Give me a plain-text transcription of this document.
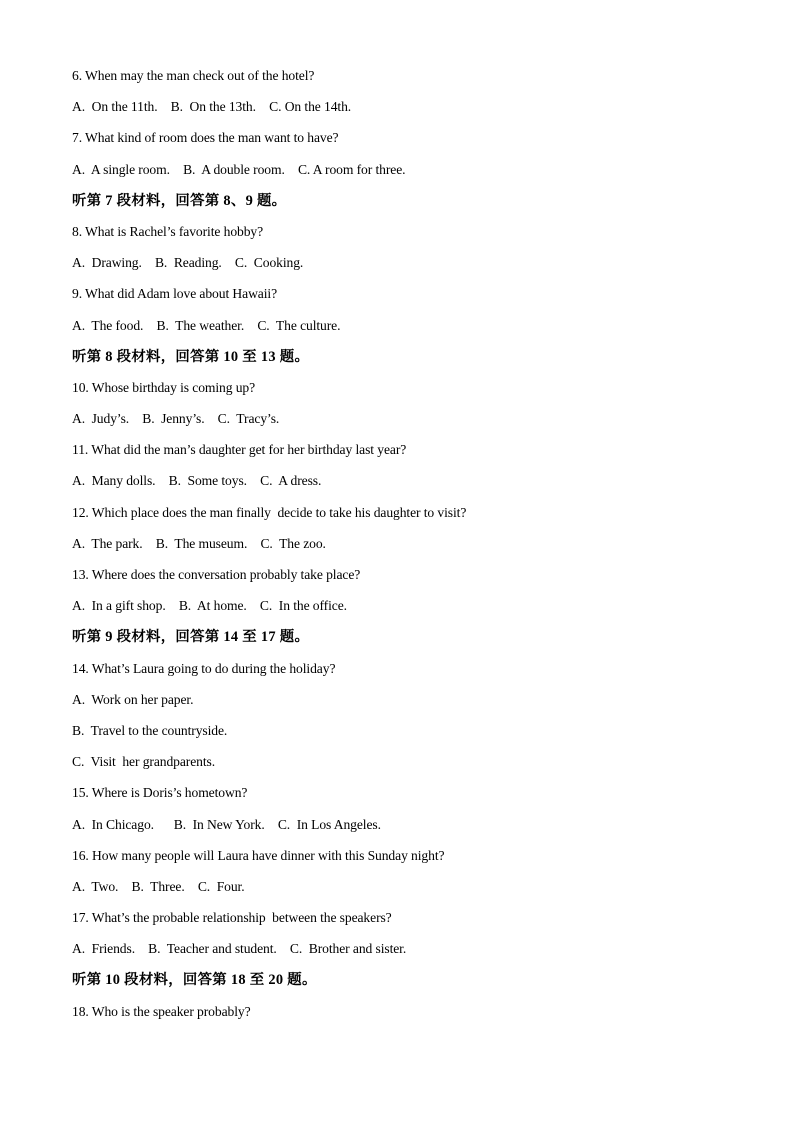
6. When may the man check out of the hotel?
A.  On the 11th.    B.  On the 13th.    C. On the 14th.
7. What kind of room does the man want to have?
A.  A single room.    B.  A double room.    C. A room for three.
听第 7 段材料，回答第 8、9 题。
8. What is Rachel’s favorite hobby?
A.  Drawing.    B.  Reading.    C.  Cooking.
9. What did Adam love about Hawaii?
A.  The food.    B.  The weather.    C.  The culture.
听第 8 段材料，回答第 10 至 13 题。
10. Whose birthday is coming up?
A.  Judy’s.    B.  Jenny’s.    C.  Tracy’s.
11. What did the man’s daughter get for her birthday last year?
A.  Many dolls.    B.  Some toys.    C.  A dress.
12. Which place does the man finally  decide to take his daughter to visit?
A.  The park.    B.  The museum.    C.  The zoo.
13. Where does the conversation probably take place?
A.  In a gift shop.    B.  At home.    C.  In the office.
听第 9 段材料，回答第 14 至 17 题。
14. What’s Laura going to do during the holiday?
A.  Work on her paper.
B.  Travel to the countryside.
C.  Visit  her grandparents.
15. Where is Doris’s hometown?
A.  In Chicago.      B.  In New York.    C.  In Los Angeles.
16. How many people will Laura have dinner with this Sunday night?
A.  Two.    B.  Three.    C.  Four.
17. What’s the probable relationship  between the speakers?
A.  Friends.    B.  Teacher and student.    C.  Brother and sister.
听第 10 段材料，回答第 18 至 20 题。
18. Who is the speaker probably?
